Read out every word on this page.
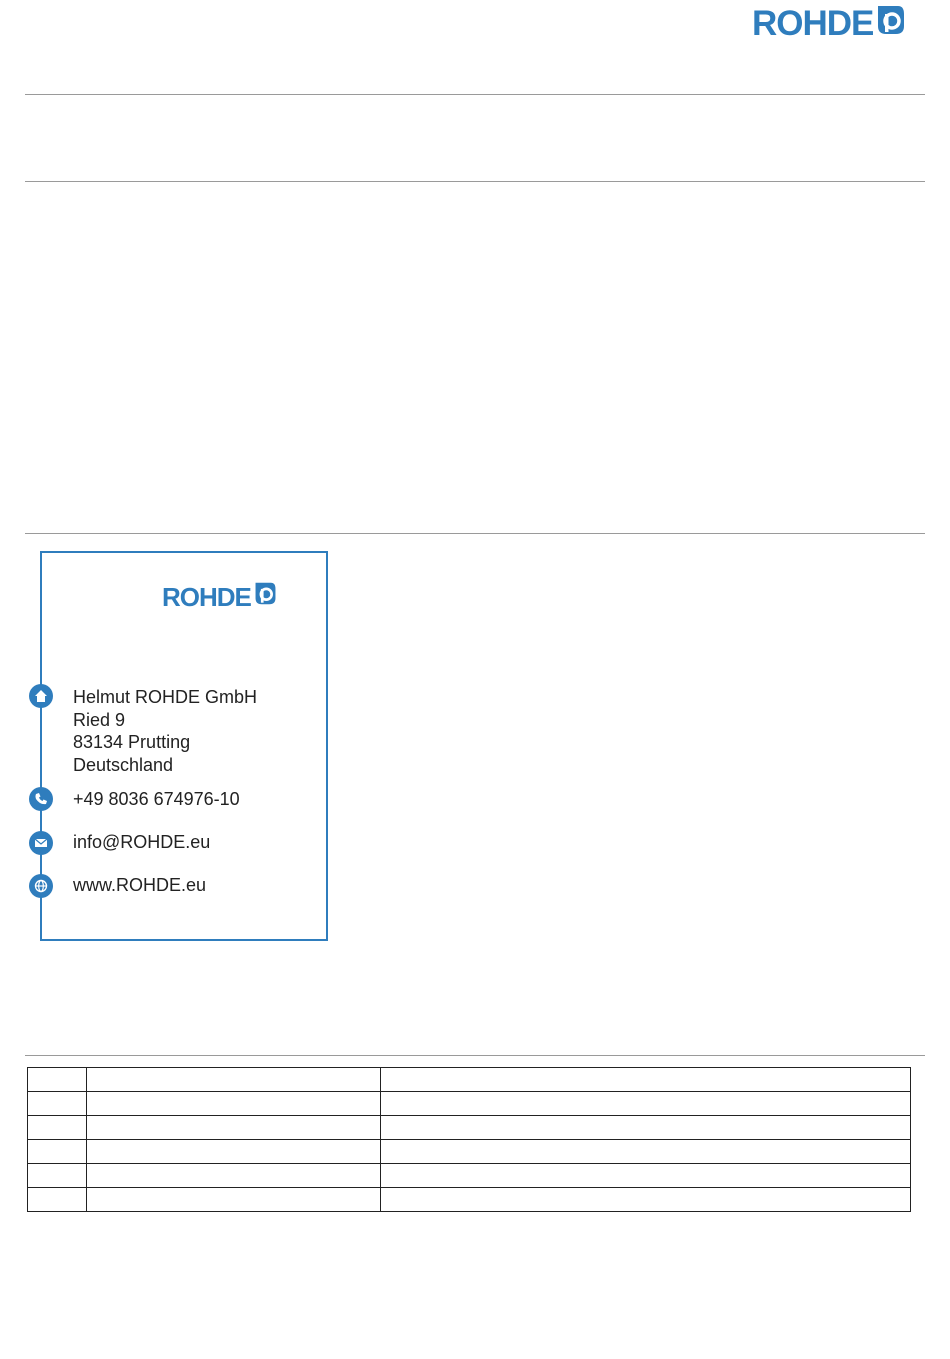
ROHDE
ROHDE
Helmut ROHDE GmbH
Ried 9
83134 Prutting
Deutschland
+49 8036 674976-10
info@ROHDE.eu
www.ROHDE.eu
